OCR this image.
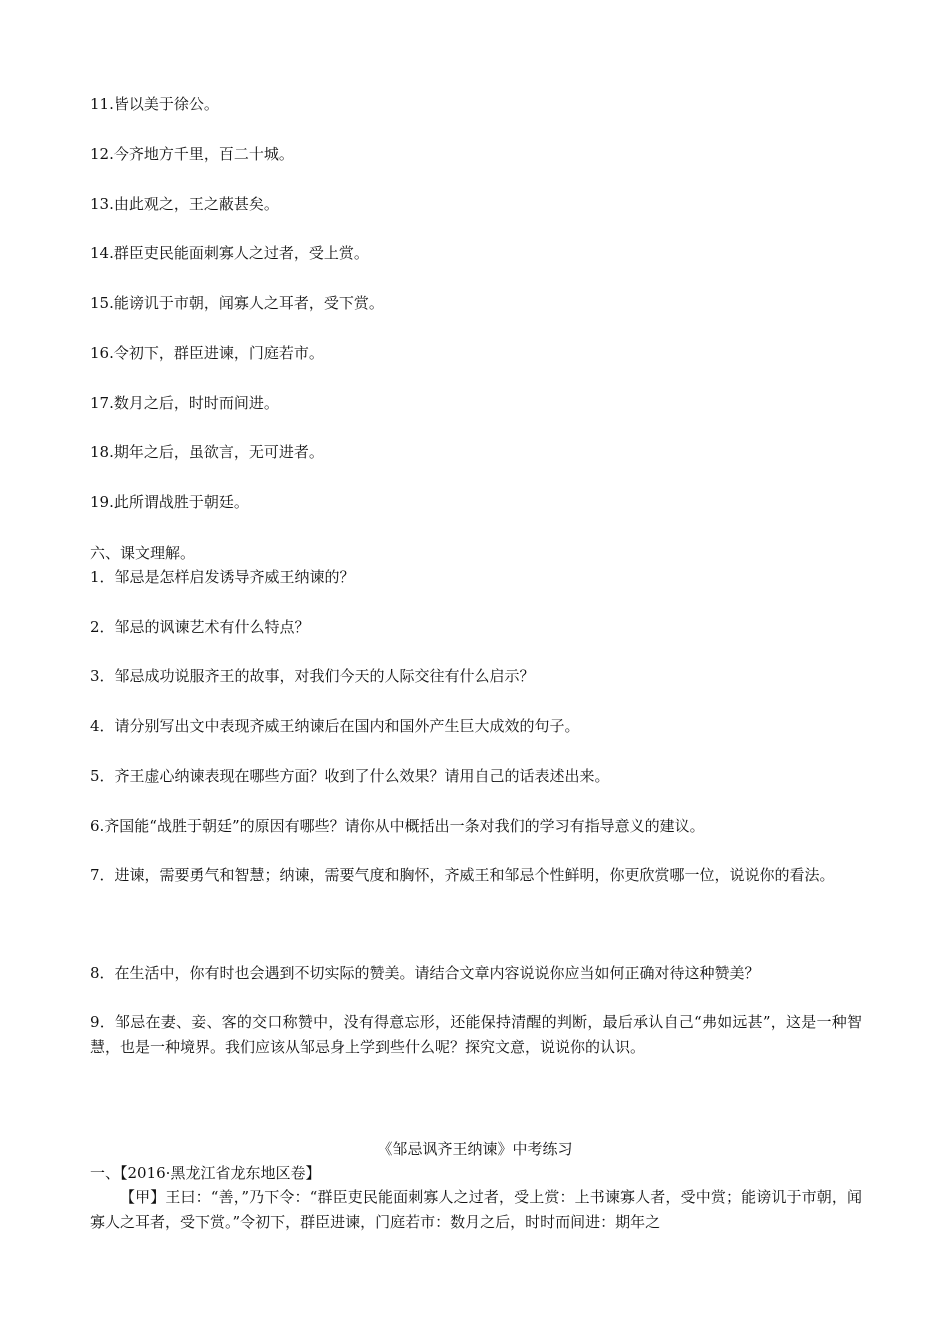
11.皆以美于徐公。
12.今齐地方千里，百二十城。
13.由此观之，王之蔽甚矣。
14.群臣吏民能面刺寡人之过者，受上赏。
15.能谤讥于市朝，闻寡人之耳者，受下赏。
16.令初下，群臣进谏，门庭若市。
17.数月之后，时时而间进。
18.期年之后，虽欲言，无可进者。
19.此所谓战胜于朝廷。
六、课文理解。
1．邹忌是怎样启发诱导齐威王纳谏的？
2．邹忌的讽谏艺术有什么特点？
3．邹忌成功说服齐王的故事，对我们今天的人际交往有什么启示？
4．请分别写出文中表现齐威王纳谏后在国内和国外产生巨大成效的句子。
5．齐王虚心纳谏表现在哪些方面？收到了什么效果？请用自己的话表述出来。
6.齐国能“战胜于朝廷”的原因有哪些？请你从中概括出一条对我们的学习有指导意义的建议。
7．进谏，需要勇气和智慧；纳谏，需要气度和胸怀，齐威王和邹忌个性鲜明，你更欣赏哪一位，说说你的看法。
8．在生活中，你有时也会遇到不切实际的赞美。请结合文章内容说说你应当如何正确对待这种赞美？
9．邹忌在妻、妾、客的交口称赞中，没有得意忘形，还能保持清醒的判断，最后承认自己“弗如远甚”，这是一种智慧，也是一种境界。我们应该从邹忌身上学到些什么呢？探究文意，说说你的认识。
《邹忌讽齐王纳谏》中考练习
一、【2016·黑龙江省龙东地区卷】
【甲】王曰：“善，”乃下令：“群臣吏民能面刺寡人之过者，受上赏：上书谏寡人者，受中赏；能谤讥于市朝，闻寡人之耳者，受下赏。”令初下，群臣进谏，门庭若市：数月之后，时时而间进：期年之
